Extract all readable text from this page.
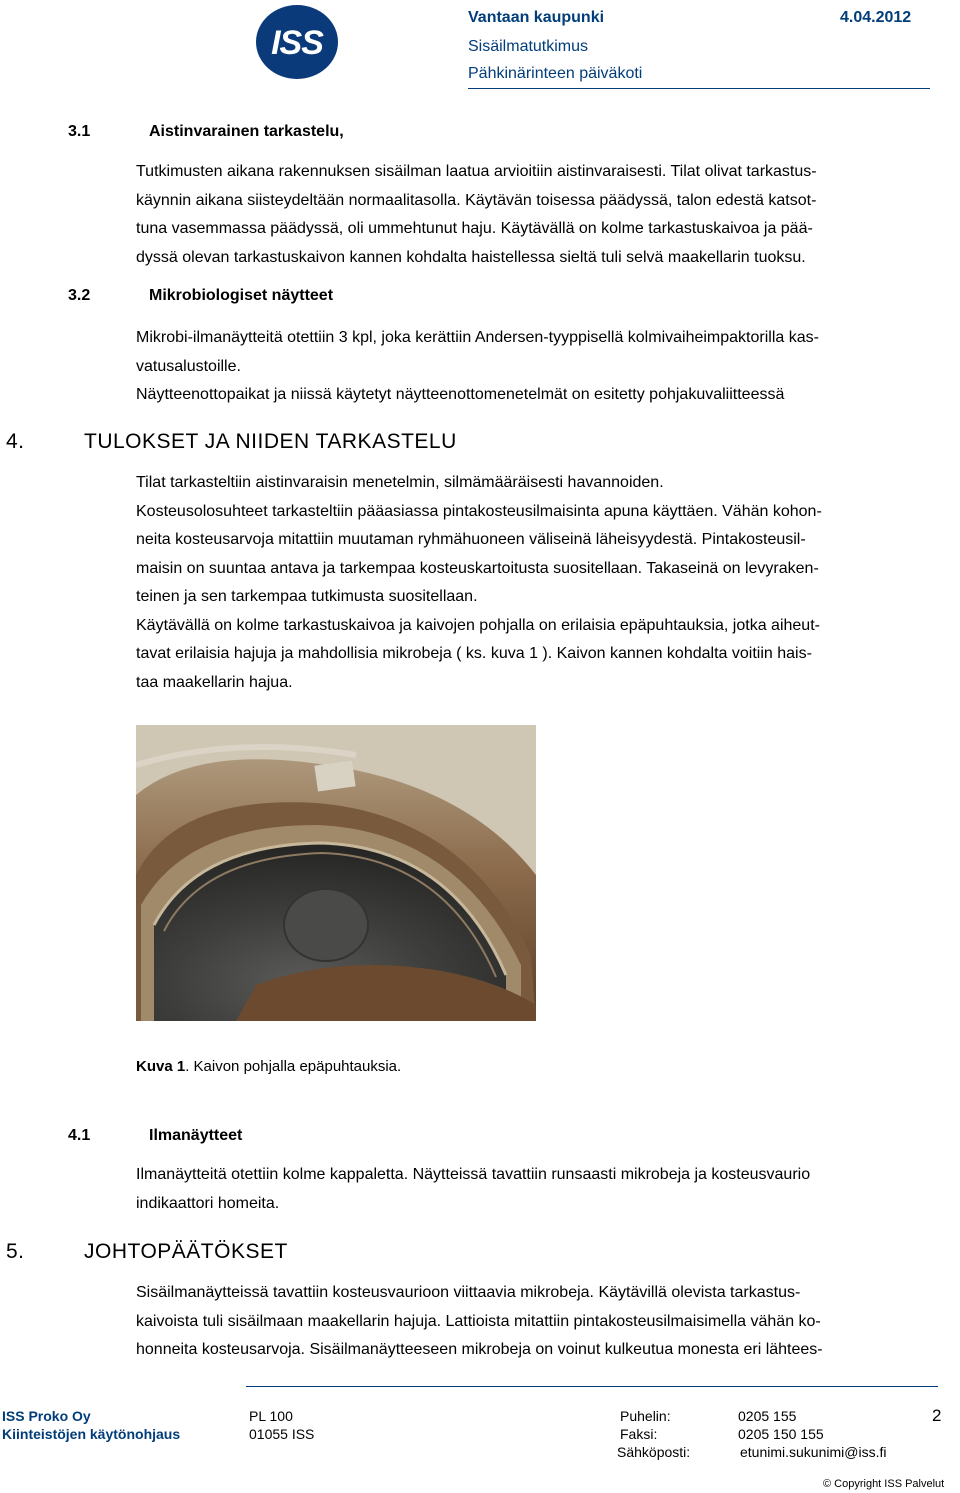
ISS
Vantaan kaupunki	4.04.2012
Sisäilmatutkimus
Pähkinärinteen päiväkoti
3.1	Aistinvarainen tarkastelu,

Tutkimusten aikana rakennuksen sisäilman laatua arvioitiin aistinvaraisesti. Tilat olivat tarkastus-

käynnin aikana siisteydeltään normaalitasolla. Käytävän toisessa päädyssä, talon edestä katsot-

tuna vasemmassa päädyssä, oli ummehtunut haju. Käytävällä on kolme tarkastuskaivoa ja pää-

dyssä olevan tarkastuskaivon kannen kohdalta haistellessa sieltä tuli selvä maakellarin tuoksu.

3.2	Mikrobiologiset näytteet

Mikrobi-ilmanäytteitä otettiin 3 kpl, joka kerättiin Andersen-tyyppisellä kolmivaiheimpaktorilla kas-

vatusalustoille.

Näytteenottopaikat ja niissä käytetyt näytteenottomenetelmät on esitetty pohjakuvaliitteessä

4.	TULOKSET JA NIIDEN TARKASTELU

Tilat tarkasteltiin aistinvaraisin menetelmin, silmämääräisesti havannoiden.

Kosteusolosuhteet tarkasteltiin pääasiassa pintakosteusilmaisinta apuna käyttäen. Vähän kohon-

neita kosteusarvoja mitattiin muutaman ryhmähuoneen väliseinä läheisyydestä. Pintakosteusil-

maisin on suuntaa antava ja tarkempaa kosteuskartoitusta suositellaan. Takaseinä on levyraken-

teinen ja sen tarkempaa tutkimusta suositellaan.

Käytävällä on kolme tarkastuskaivoa ja kaivojen pohjalla on erilaisia epäpuhtauksia, jotka aiheut-

tavat erilaisia hajuja ja mahdollisia mikrobeja ( ks. kuva 1 ). Kaivon kannen kohdalta voitiin hais-

taa maakellarin hajua.

Kuva 1. Kaivon pohjalla epäpuhtauksia.
4.1	Ilmanäytteet

Ilmanäytteitä otettiin kolme kappaletta. Näytteissä tavattiin runsaasti mikrobeja ja kosteusvaurio

indikaattori homeita.

5.	JOHTOPÄÄTÖKSET

Sisäilmanäytteissä tavattiin kosteusvaurioon viittaavia mikrobeja. Käytävillä olevista tarkastus-

kaivoista tuli sisäilmaan maakellarin hajuja. Lattioista mitattiin pintakosteusilmaisimella vähän ko-

honneita kosteusarvoja. Sisäilmanäytteeseen mikrobeja on voinut kulkeutua monesta eri lähtees-

ISS Proko Oy
Kiinteistöjen käytönohjaus
PL 100
01055 ISS
Puhelin:	0205 155
Faksi:	0205 150 155
Sähköposti:	etunimi.sukunimi@iss.fi
2
© Copyright ISS Palvelut
